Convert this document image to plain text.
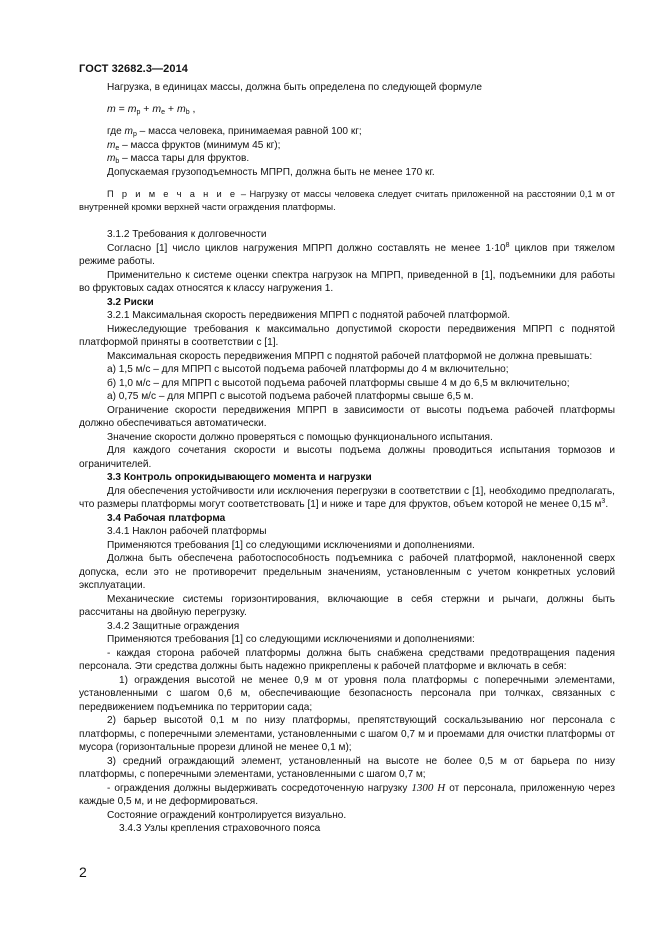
ГОСТ 32682.3—2014

Нагрузка, в единицах массы, должна быть определена по следующей формуле

$m = m_p + m_e + m_b$ ,

где $m_p$ – масса человека, принимаемая равной 100 кг;

$m_e$ – масса фруктов (минимум 45 кг);

$m_b$ – масса тары для фруктов.

Допускаемая грузоподъемность МПРП, должна быть не менее 170 кг.

П р и м е ч а н и е – Нагрузку от массы человека следует считать приложенной на расстоянии 0,1 м от внутренней кромки верхней части ограждения платформы.

3.1.2 Требования к долговечности

Согласно [1] число циклов нагружения МПРП должно составлять не менее $1\cdot 10^8$ циклов при тяжелом режиме работы.

Применительно к системе оценки спектра нагрузок на МПРП, приведенной в [1], подъемники для работы во фруктовых садах относятся к классу нагружения 1.

3.2 Риски

3.2.1 Максимальная скорость передвижения МПРП с поднятой рабочей платформой.

Нижеследующие требования к максимально допустимой скорости передвижения МПРП с поднятой платформой приняты в соответствии с [1].

Максимальная скорость передвижения МПРП с поднятой рабочей платформой не должна превышать:

а) 1,5 м/с – для МПРП с высотой подъема рабочей платформы до 4 м включительно;

б) 1,0 м/с – для МПРП с высотой подъема рабочей платформы свыше 4 м до 6,5 м включительно;

а) 0,75 м/с – для МПРП с высотой подъема рабочей платформы свыше 6,5 м.

Ограничение скорости передвижения МПРП в зависимости от высоты подъема рабочей платформы должно обеспечиваться автоматически.

Значение скорости должно проверяться с помощью функционального испытания.

Для каждого сочетания скорости и высоты подъема должны проводиться испытания тормозов и ограничителей.

3.3 Контроль опрокидывающего момента и нагрузки

Для обеспечения устойчивости или исключения перегрузки в соответствии с [1], необходимо предполагать, что размеры платформы могут соответствовать [1] и ниже и таре для фруктов, объем которой не менее 0,15 $м^3$.

3.4 Рабочая платформа

3.4.1 Наклон рабочей платформы

Применяются требования [1] со следующими исключениями и дополнениями.

Должна быть обеспечена работоспособность подъемника с рабочей платформой, наклоненной сверх допуска, если это не противоречит предельным значениям, установленным с учетом конкретных условий эксплуатации.

Механические системы горизонтирования, включающие в себя стержни и рычаги, должны быть рассчитаны на двойную перегрузку.

3.4.2 Защитные ограждения

Применяются требования [1] со следующими исключениями и дополнениями:

- каждая сторона рабочей платформы должна быть снабжена средствами предотвращения падения персонала. Эти средства должны быть надежно прикреплены к рабочей платформе и включать в себя:

1) ограждения высотой не менее 0,9 м от уровня пола платформы с поперечными элементами, установленными с шагом 0,6 м, обеспечивающие безопасность персонала при толчках, связанных с передвижением подъемника по территории сада;

2) барьер высотой 0,1 м по низу платформы, препятствующий соскальзыванию ног персонала с платформы, с поперечными элементами, установленными с шагом 0,7 м и проемами для очистки платформы от мусора (горизонтальные прорези длиной не менее 0,1 м);

3) средний ограждающий элемент, установленный на высоте не более 0,5 м от барьера по низу платформы, с поперечными элементами, установленными с шагом 0,7 м;

- ограждения должны выдерживать сосредоточенную нагрузку 1300 Н от персонала, приложенную через каждые 0,5 м, и не деформироваться.

Состояние ограждений контролируется визуально.

3.4.3 Узлы крепления страховочного пояса

2
